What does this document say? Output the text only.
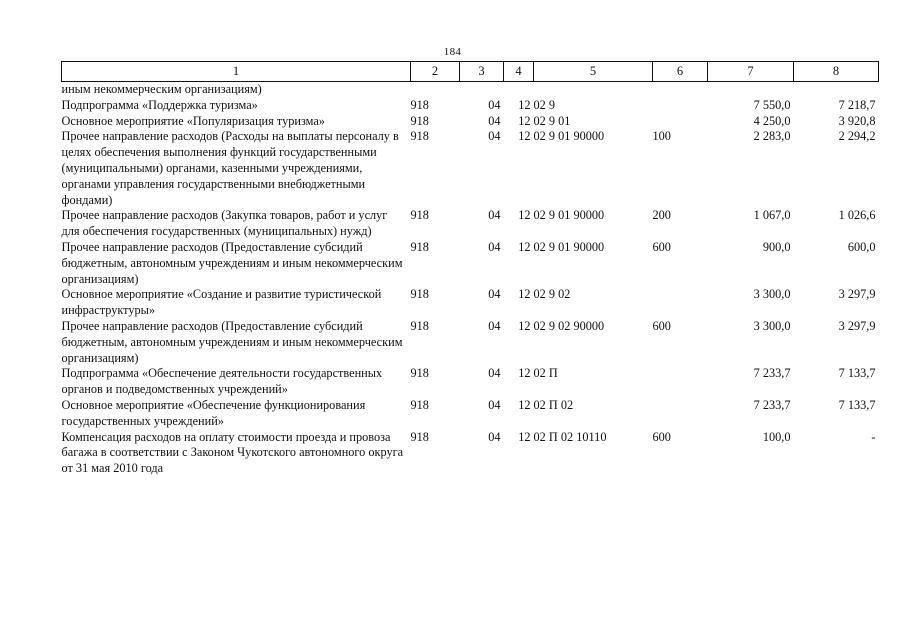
184
1	2	3	4	5	6	7	8
иным некоммерческим организациям)							
Подпрограмма «Поддержка туризма»	918	04	12	02 9		7 550,0	7 218,7
Основное мероприятие «Популяризация туризма»	918	04	12	02 9 01		4 250,0	3 920,8
Прочее направление расходов (Расходы на выплаты персоналу в целях обеспечения выполнения функций государственными (муниципальными) органами, казенными учреждениями, органами управления государственными внебюджетными фондами)	918	04	12	02 9 01 90000	100	2 283,0	2 294,2
Прочее направление расходов (Закупка товаров, работ и услуг для обеспечения государственных (муниципальных) нужд)	918	04	12	02 9 01 90000	200	1 067,0	1 026,6
Прочее направление расходов (Предоставление субсидий бюджетным, автономным учреждениям и иным некоммерческим организациям)	918	04	12	02 9 01 90000	600	900,0	600,0
Основное мероприятие «Создание и развитие туристической инфраструктуры»	918	04	12	02 9 02		3 300,0	3 297,9
Прочее направление расходов (Предоставление субсидий бюджетным, автономным учреждениям и иным некоммерческим организациям)	918	04	12	02 9 02 90000	600	3 300,0	3 297,9
Подпрограмма «Обеспечение деятельности государственных органов и подведомственных учреждений»	918	04	12	02 П		7 233,7	7 133,7
Основное мероприятие «Обеспечение функционирования государственных учреждений»	918	04	12	02 П 02		7 233,7	7 133,7
Компенсация расходов на оплату стоимости проезда и провоза багажа в соответствии с Законом Чукотского автономного округа от 31 мая 2010 года	918	04	12	02 П 02 10110	600	100,0	-
